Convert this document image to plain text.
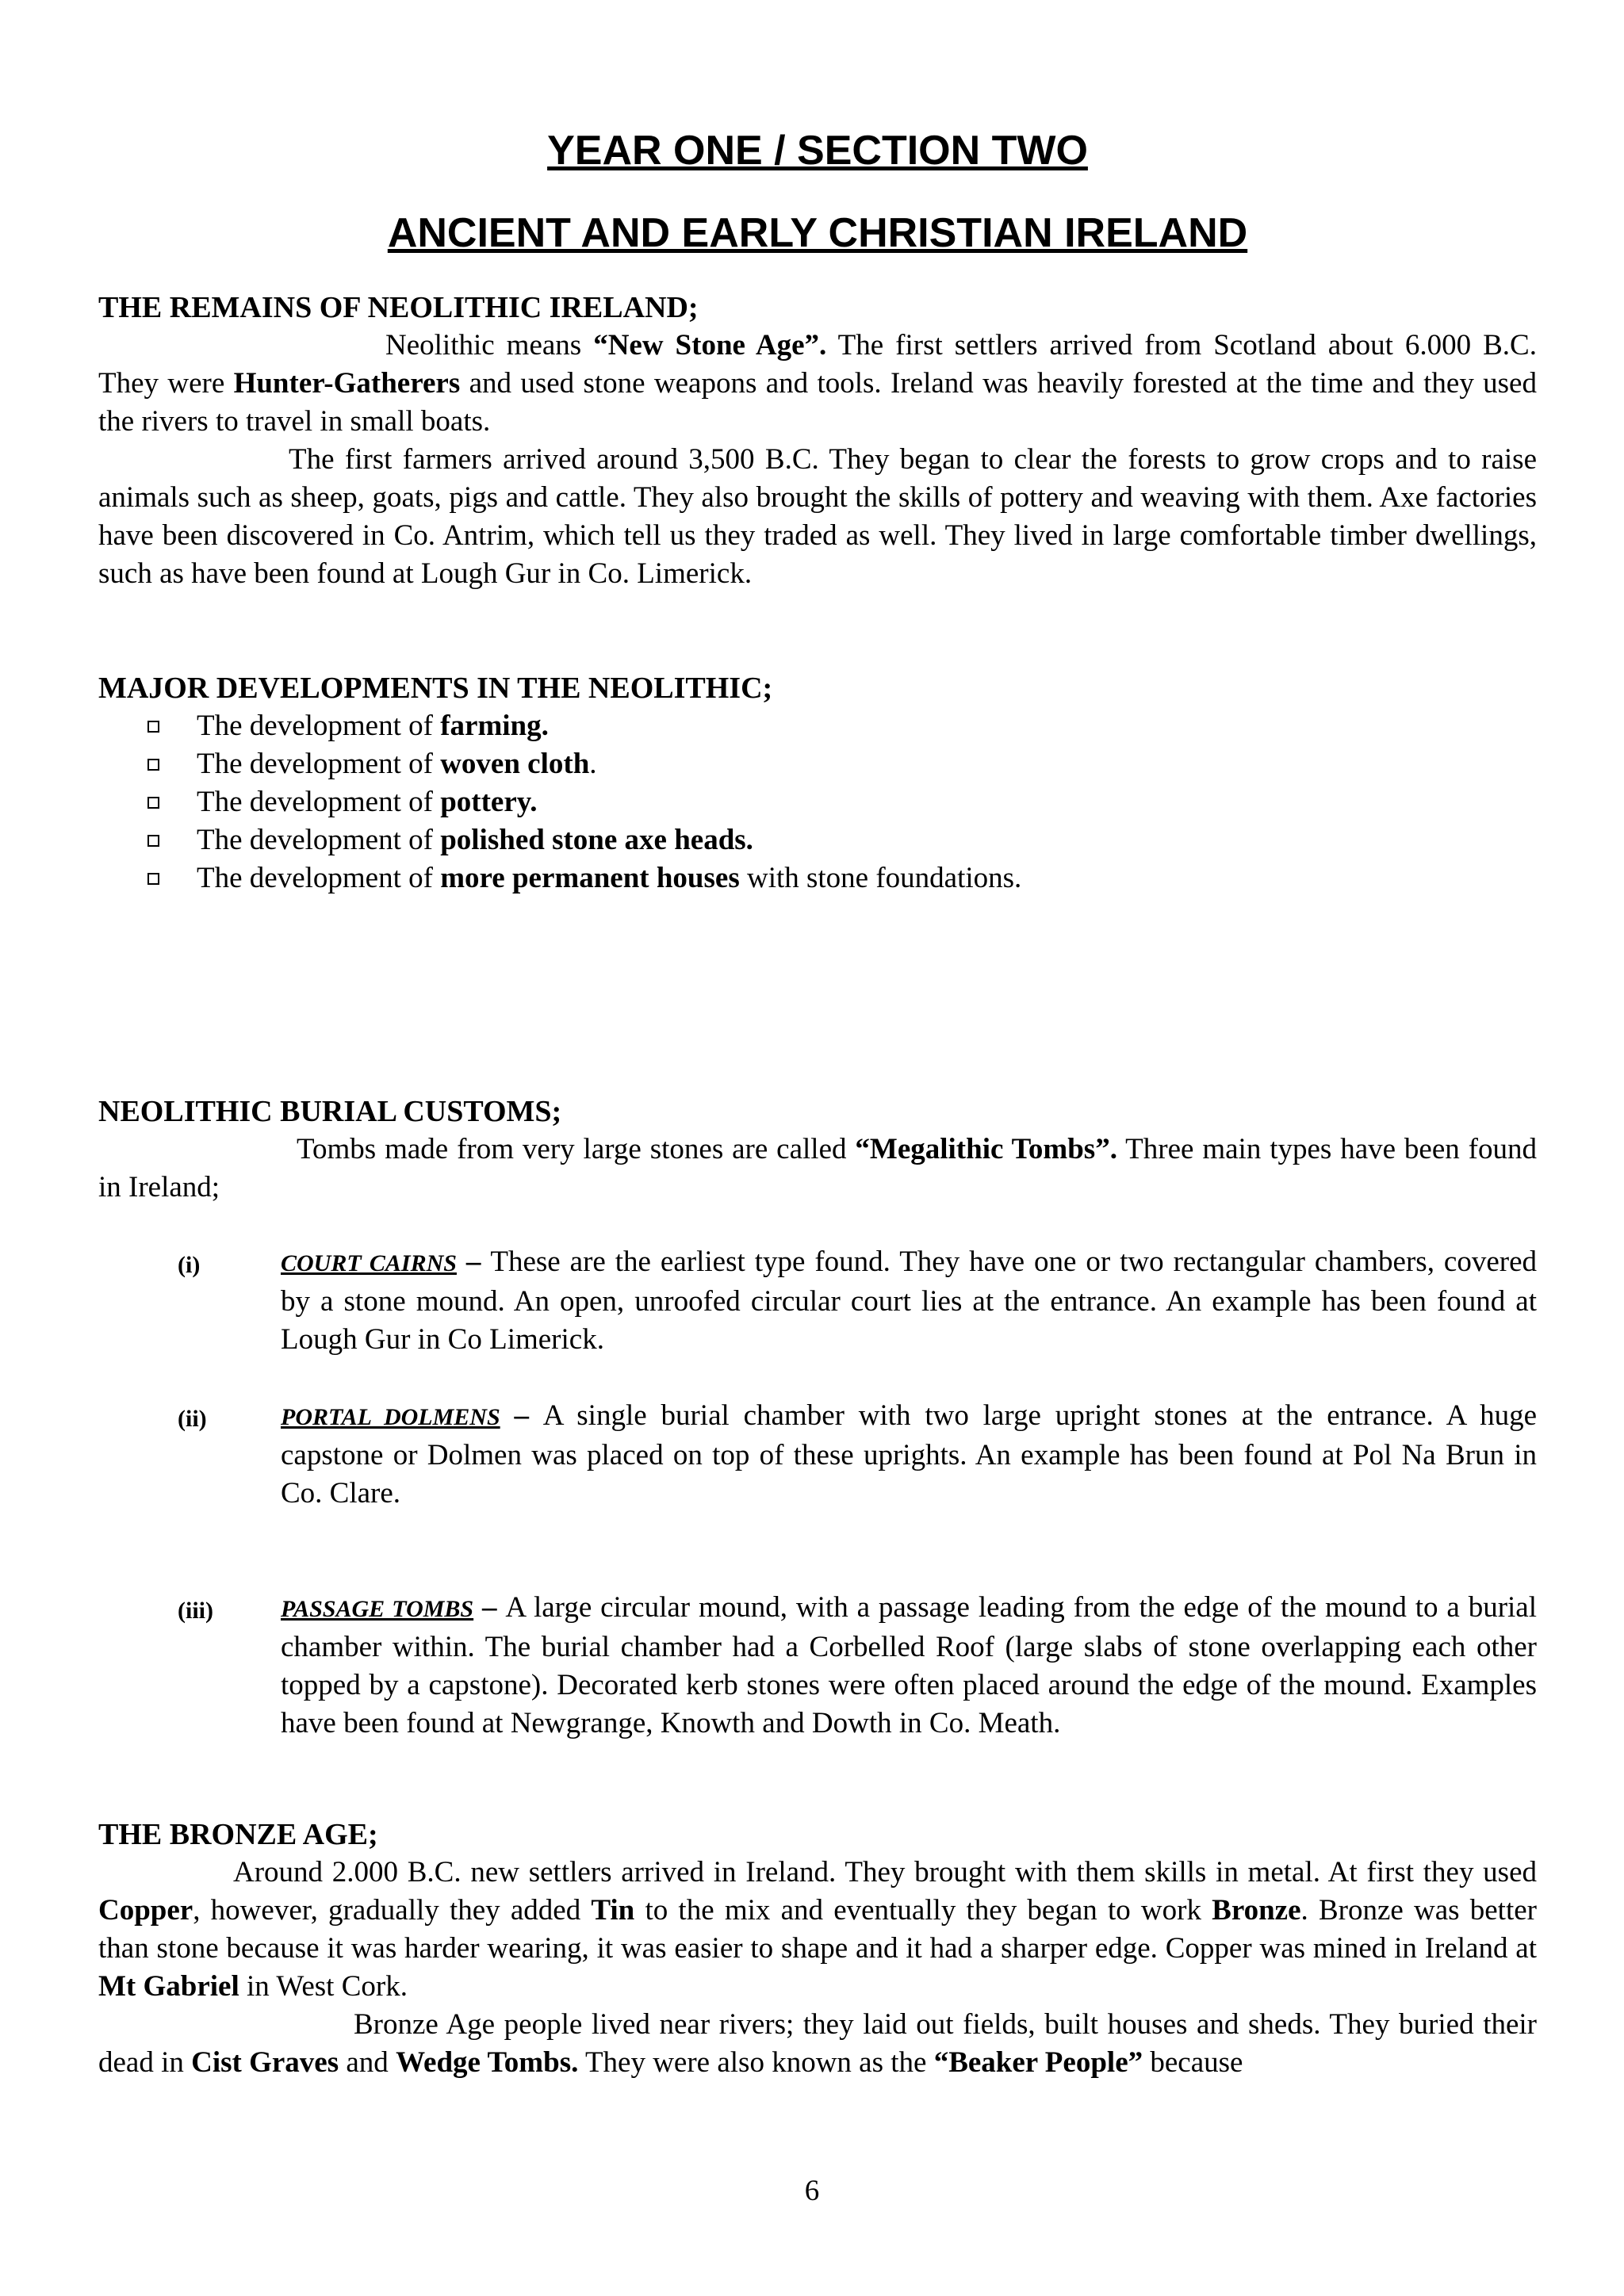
YEAR ONE / SECTION TWO
ANCIENT AND EARLY CHRISTIAN IRELAND
THE REMAINS OF NEOLITHIC IRELAND;

Neolithic means “New Stone Age”. The first settlers arrived from Scotland about 6.000 B.C. They were Hunter-Gatherers and used stone weapons and tools. Ireland was heavily forested at the time and they used the rivers to travel in small boats.

The first farmers arrived around 3,500 B.C. They began to clear the forests to grow crops and to raise animals such as sheep, goats, pigs and cattle. They also brought the skills of pottery and weaving with them. Axe factories have been discovered in Co. Antrim, which tell us they traded as well. They lived in large comfortable timber dwellings, such as have been found at Lough Gur in Co. Limerick.

MAJOR DEVELOPMENTS IN THE NEOLITHIC;
The development of farming.
The development of woven cloth.
The development of pottery.
The development of polished stone axe heads.
The development of more permanent houses with stone foundations.
NEOLITHIC BURIAL CUSTOMS;

Tombs made from very large stones are called “Megalithic Tombs”. Three main types have been found in Ireland;

(i)	COURT CAIRNS – These are the earliest type found. They have one or two rectangular chambers, covered by a stone mound. An open, unroofed circular court lies at the entrance. An example has been found at Lough Gur in Co Limerick.

(ii)	PORTAL DOLMENS – A single burial chamber with two large upright stones at the entrance. A huge capstone or Dolmen was placed on top of these uprights. An example has been found at Pol Na Brun in Co. Clare.

(iii)	PASSAGE TOMBS – A large circular mound, with a passage leading from the edge of the mound to a burial chamber within. The burial chamber had a Corbelled Roof (large slabs of stone overlapping each other topped by a capstone). Decorated kerb stones were often placed around the edge of the mound. Examples have been found at Newgrange, Knowth and Dowth in Co. Meath.

THE BRONZE AGE;

Around 2.000 B.C. new settlers arrived in Ireland. They brought with them skills in metal. At first they used Copper, however, gradually they added Tin to the mix and eventually they began to work Bronze. Bronze was better than stone because it was harder wearing, it was easier to shape and it had a sharper edge. Copper was mined in Ireland at Mt Gabriel in West Cork.

Bronze Age people lived near rivers; they laid out fields, built houses and sheds. They buried their dead in Cist Graves and Wedge Tombs. They were also known as the “Beaker People” because

6
